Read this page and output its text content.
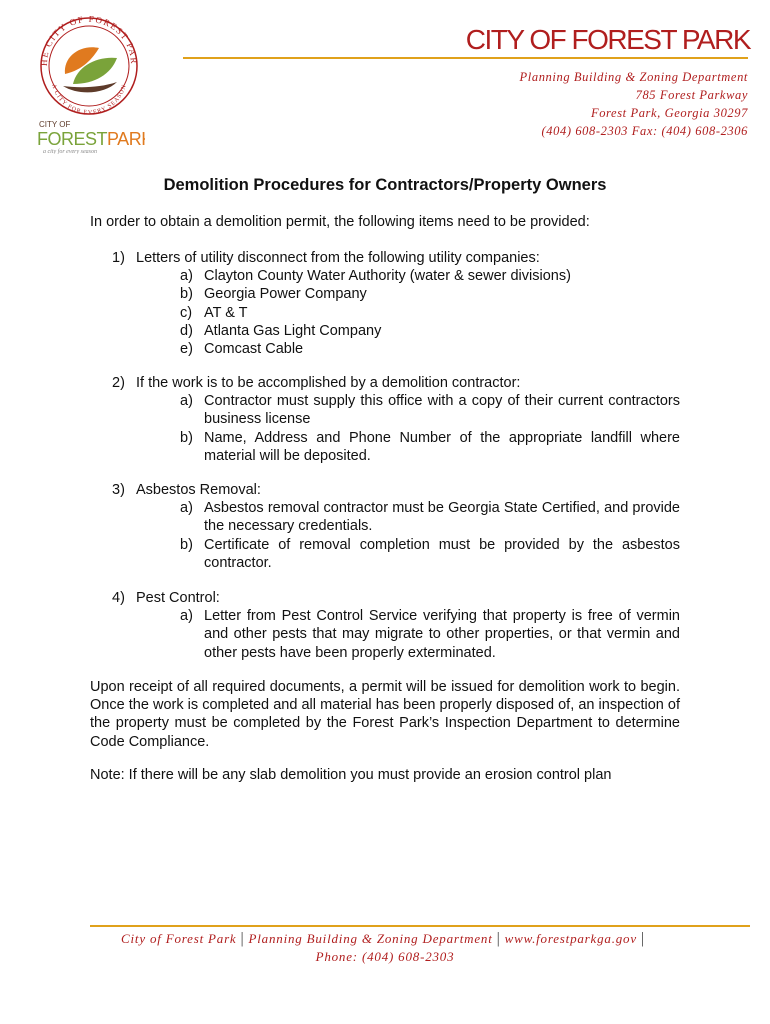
HE CITY OF FOREST PAR
A CITY FOR EVERY SEASON
CITY OF
FORESTPAR
a city for every season
CITY OF FOREST PARK
Planning Building & Zoning Department
785 Forest Parkway
Forest Park, Georgia 30297
(404) 608-2303 Fax: (404) 608-2306
Demolition Procedures for Contractors/Property Owners
In order to obtain a demolition permit, the following items need to be provided:
1) Letters of utility disconnect from the following utility companies:
a) Clayton County Water Authority (water & sewer divisions)
b) Georgia Power Company
c) AT & T
d) Atlanta Gas Light Company
e) Comcast Cable
2) If the work is to be accomplished by a demolition contractor:
a) Contractor must supply this office with a copy of their current contractors business license
b) Name, Address and Phone Number of the appropriate landfill where material will be deposited.
3) Asbestos Removal:
a) Asbestos removal contractor must be Georgia State Certified, and provide the necessary credentials.
b) Certificate of removal completion must be provided by the asbestos contractor.
4) Pest Control:
a) Letter from Pest Control Service verifying that property is free of vermin and other pests that may migrate to other properties, or that vermin and other pests have been properly exterminated.
Upon receipt of all required documents, a permit will be issued for demolition work to begin. Once the work is completed and all material has been properly disposed of, an inspection of the property must be completed by the Forest Park’s Inspection Department to determine Code Compliance.
Note: If there will be any slab demolition you must provide an erosion control plan
City of Forest Park | Planning Building & Zoning Department | www.forestparkga.gov |
Phone: (404) 608-2303
